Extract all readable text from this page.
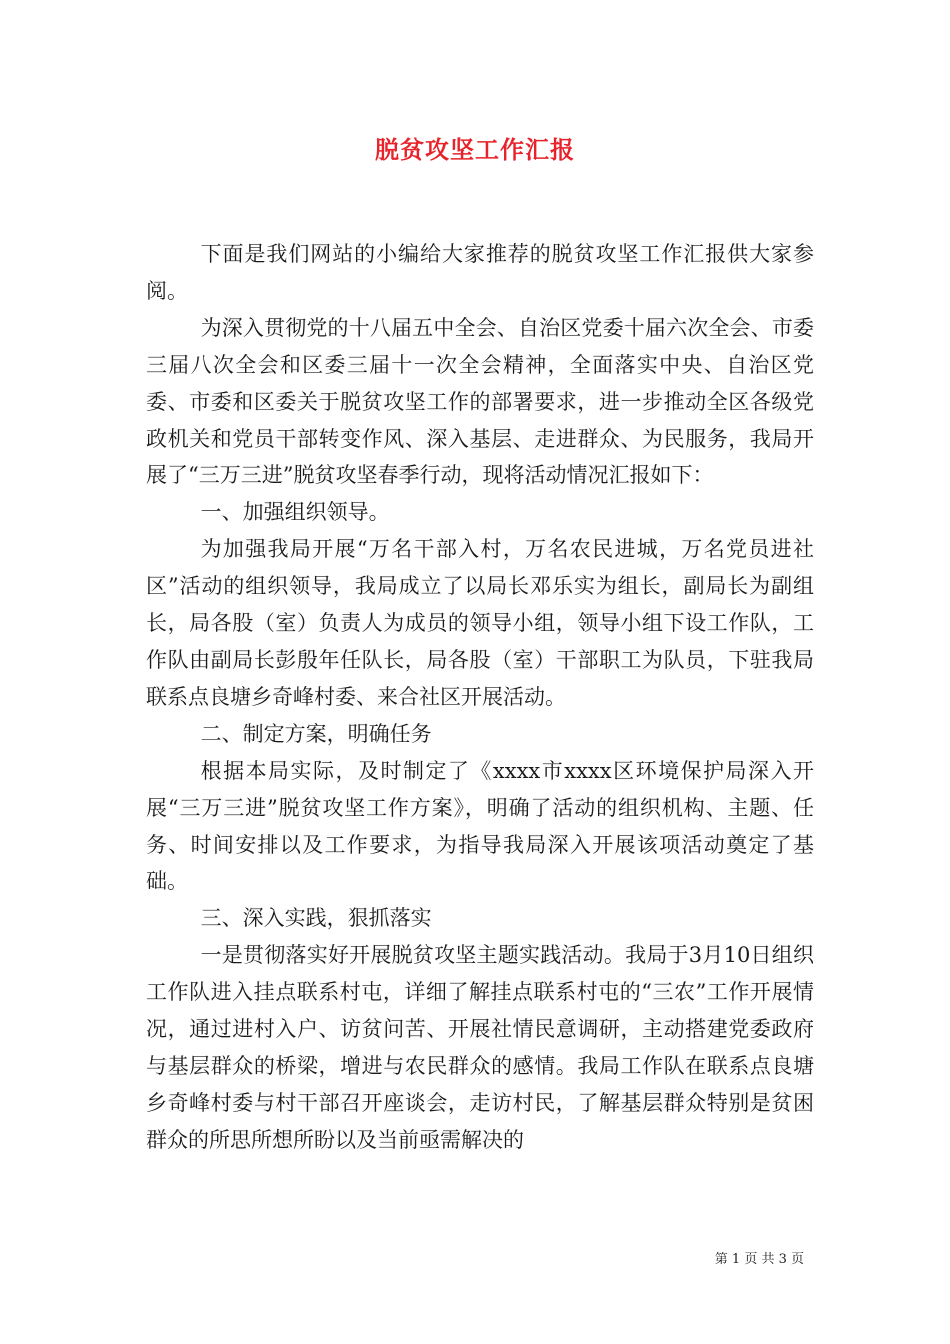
脱贫攻坚工作汇报

下面是我们网站的小编给大家推荐的脱贫攻坚工作汇报供大家参阅。

为深入贯彻党的十八届五中全会、自治区党委十届六次全会、市委三届八次全会和区委三届十一次全会精神，全面落实中央、自治区党委、市委和区委关于脱贫攻坚工作的部署要求，进一步推动全区各级党政机关和党员干部转变作风、深入基层、走进群众、为民服务，我局开展了“三万三进”脱贫攻坚春季行动，现将活动情况汇报如下：

一、加强组织领导。

为加强我局开展“万名干部入村，万名农民进城，万名党员进社区”活动的组织领导，我局成立了以局长邓乐实为组长，副局长为副组长，局各股（室）负责人为成员的领导小组，领导小组下设工作队，工作队由副局长彭殷年任队长，局各股（室）干部职工为队员，下驻我局联系点良塘乡奇峰村委、来合社区开展活动。

二、制定方案，明确任务

根据本局实际，及时制定了《xxxx市xxxx区环境保护局深入开展“三万三进”脱贫攻坚工作方案》，明确了活动的组织机构、主题、任务、时间安排以及工作要求，为指导我局深入开展该项活动奠定了基础。

三、深入实践，狠抓落实

一是贯彻落实好开展脱贫攻坚主题实践活动。我局于3月10日组织工作队进入挂点联系村屯，详细了解挂点联系村屯的“三农”工作开展情况，通过进村入户、访贫问苦、开展社情民意调研，主动搭建党委政府与基层群众的桥梁，增进与农民群众的感情。我局工作队在联系点良塘乡奇峰村委与村干部召开座谈会，走访村民，了解基层群众特别是贫困群众的所思所想所盼以及当前亟需解决的

第 1 页 共 3 页
